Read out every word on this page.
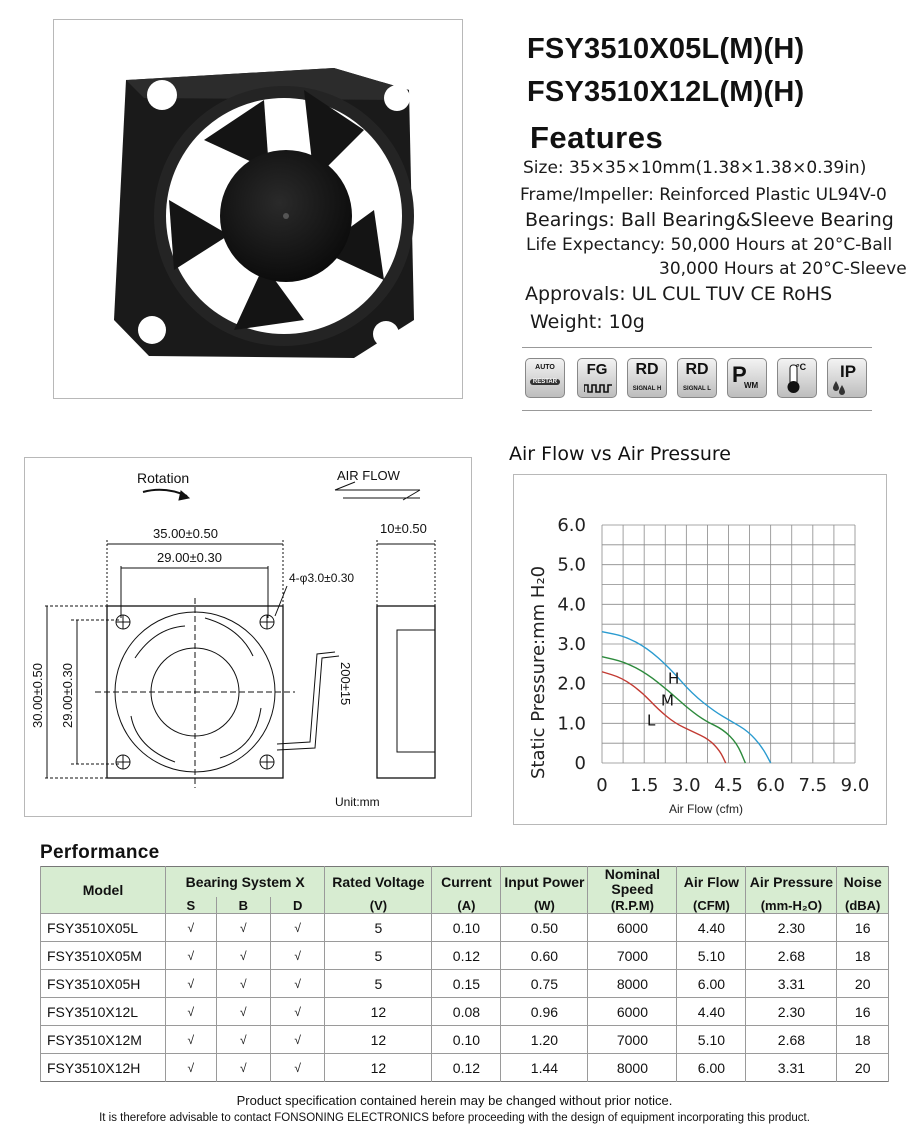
FSY3510X05L(M)(H)
FSY3510X12L(M)(H)
Features
Size: 35×35×10mm(1.38×1.38×0.39in)
Frame/Impeller: Reinforced Plastic UL94V-0
Bearings: Ball Bearing&Sleeve Bearing
Life Expectancy: 50,000 Hours at 20°C-Ball
30,000 Hours at 20°C-Sleeve
Approvals: UL CUL TUV CE RoHS
Weight: 10g
AUTO
RESTAR
FG	RD
SIGNAL H
RD
SIGNAL L
P
WM
°C IP
Rotation	AIR FLOW
35.00±0.50
29.00±0.30
4-φ3.0±0.30
10±0.50
30.00±0.50 29.00±0.30	200±15
Unit:mm
Air Flow vs Air Pressure
0
1.0
2.0
3.0
4.0
5.0
6.0
0 1.5 3.0 4.5 6.0 7.5 9.0
H
M
L
Static Pressure:mm H₂0
Air Flow (cfm)
Performance
Model	Bearing System X			Rated Voltage	Current	Input Power	Nominal Speed	Air Flow	Air Pressure	Noise
	S	B	D	(V)	(A)	(W)	(R.P.M)	(CFM)	(mm-H₂O)	(dBA)
FSY3510X05L	√	√	√	5	0.10	0.50	6000	4.40	2.30	16
FSY3510X05M	√	√	√	5	0.12	0.60	7000	5.10	2.68	18
FSY3510X05H	√	√	√	5	0.15	0.75	8000	6.00	3.31	20
FSY3510X12L	√	√	√	12	0.08	0.96	6000	4.40	2.30	16
FSY3510X12M	√	√	√	12	0.10	1.20	7000	5.10	2.68	18
FSY3510X12H	√	√	√	12	0.12	1.44	8000	6.00	3.31	20
Product specification contained herein may be changed without prior notice.
It is therefore advisable to contact FONSONING ELECTRONICS before proceeding with the design of equipment incorporating this product.
